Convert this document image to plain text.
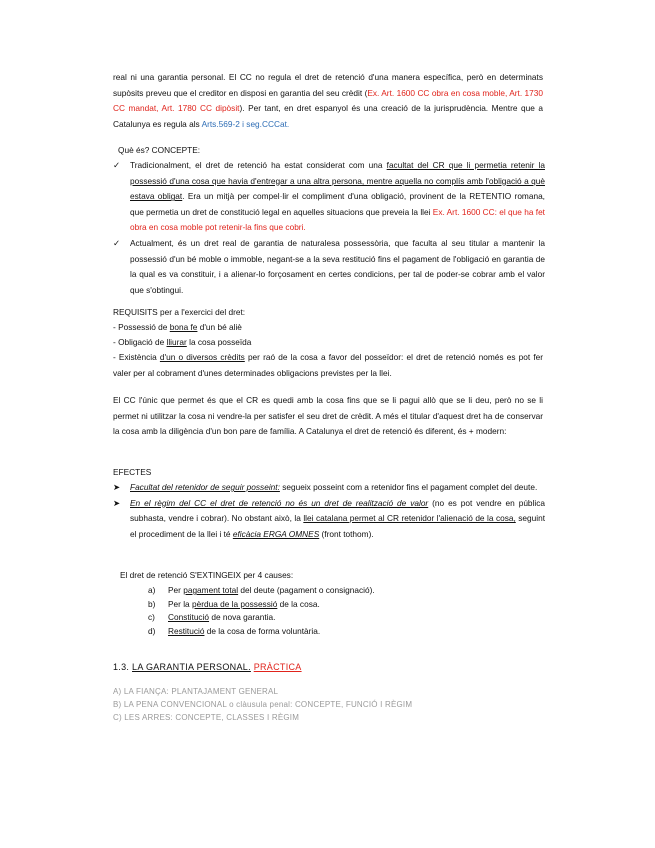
real ni una garantia personal. El CC no regula el dret de retenció d'una manera específica, però en determinats supòsits preveu que el creditor en disposi en garantia del seu crèdit (Ex. Art. 1600 CC obra en cosa moble, Art. 1730 CC mandat, Art. 1780 CC dipòsit). Per tant, en dret espanyol és una creació de la jurisprudència. Mentre que a Catalunya es regula als Arts.569-2 i seg.CCCat.

Què és? CONCEPTE:

✓ Tradicionalment, el dret de retenció ha estat considerat com una facultat del CR que li permetia retenir la possessió d'una cosa que havia d'entregar a una altra persona, mentre aquella no complís amb l'obligació a què estava obligat. Era un mitjà per compel·lir el compliment d'una obligació, provinent de la RETENTIO romana, que permetia un dret de constitució legal en aquelles situacions que preveia la llei Ex. Art. 1600 CC: el que ha fet obra en cosa moble pot retenir-la fins que cobri.
✓ Actualment, és un dret real de garantia de naturalesa possessòria, que faculta al seu titular a mantenir la possessió d'un bé moble o immoble, negant-se a la seva restitució fins el pagament de l'obligació en garantia de la qual es va constituir, i a alienar-lo forçosament en certes condicions, per tal de poder-se cobrar amb el valor que s'obtingui.

REQUISITS per a l'exercici del dret:

- Possessió de bona fe d'un bé aliè

- Obligació de lliurar la cosa posseïda

- Existència d'un o diversos crèdits per raó de la cosa a favor del posseïdor: el dret de retenció només es pot fer valer per al cobrament d'unes determinades obligacions previstes per la llei.

El CC l'únic que permet és que el CR es quedi amb la cosa fins que se li pagui allò que se li deu, però no se li permet ni utilitzar la cosa ni vendre-la per satisfer el seu dret de crèdit. A més el titular d'aquest dret ha de conservar la cosa amb la diligència d'un bon pare de família. A Catalunya el dret de retenció és diferent, és + modern:

EFECTES

➤ Facultat del retenidor de seguir posseint: segueix posseint com a retenidor fins el pagament complet del deute.
➤ En el règim del CC el dret de retenció no és un dret de realització de valor (no es pot vendre en pública subhasta, vendre i cobrar). No obstant això, la llei catalana permet al CR retenidor l'alienació de la cosa, seguint el procediment de la llei i té eficàcia ERGA OMNES (front tothom).

El dret de retenció S'EXTINGEIX per 4 causes:

a) Per pagament total del deute (pagament o consignació).
b) Per la pèrdua de la possessió de la cosa.
c) Constitució de nova garantia.
d) Restitució de la cosa de forma voluntària.

1.3. LA GARANTIA PERSONAL. PRÀCTICA

A) LA FIANÇA: PLANTAJAMENT GENERAL
B) LA PENA CONVENCIONAL o clàusula penal: CONCEPTE, FUNCIÓ I RÈGIM
C) LES ARRES: CONCEPTE, CLASSES I RÈGIM
